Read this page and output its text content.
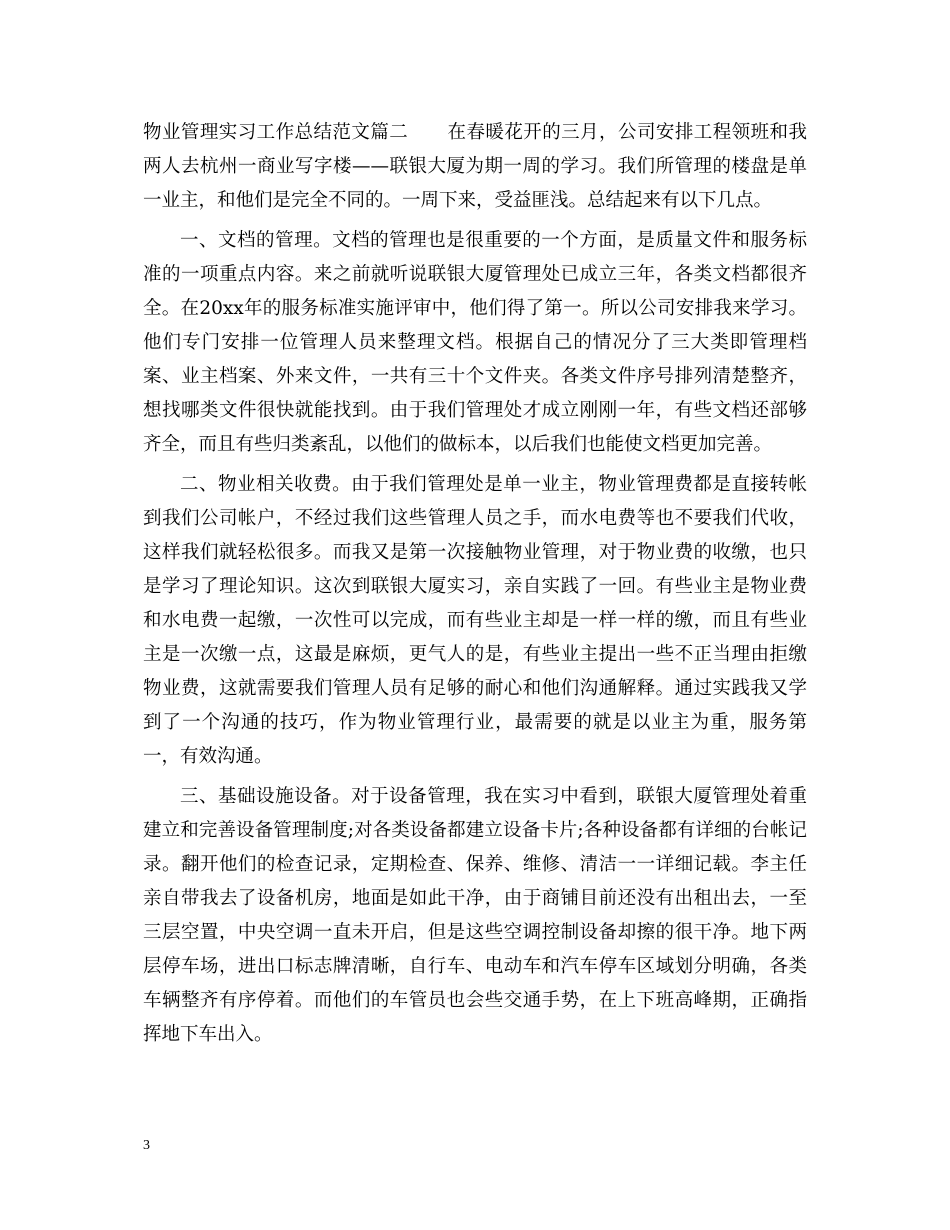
物业管理实习工作总结范文篇二 在春暖花开的三月，公司安排工程领班和我两人去杭州一商业写字楼——联银大厦为期一周的学习。我们所管理的楼盘是单一业主，和他们是完全不同的。一周下来，受益匪浅。总结起来有以下几点。

一、文档的管理。文档的管理也是很重要的一个方面，是质量文件和服务标准的一项重点内容。来之前就听说联银大厦管理处已成立三年，各类文档都很齐全。在20xx年的服务标准实施评审中，他们得了第一。所以公司安排我来学习。他们专门安排一位管理人员来整理文档。根据自己的情况分了三大类即管理档案、业主档案、外来文件，一共有三十个文件夹。各类文件序号排列清楚整齐，想找哪类文件很快就能找到。由于我们管理处才成立刚刚一年，有些文档还部够齐全，而且有些归类紊乱，以他们的做标本，以后我们也能使文档更加完善。

二、物业相关收费。由于我们管理处是单一业主，物业管理费都是直接转帐到我们公司帐户，不经过我们这些管理人员之手，而水电费等也不要我们代收，这样我们就轻松很多。而我又是第一次接触物业管理，对于物业费的收缴，也只是学习了理论知识。这次到联银大厦实习，亲自实践了一回。有些业主是物业费和水电费一起缴，一次性可以完成，而有些业主却是一样一样的缴，而且有些业主是一次缴一点，这最是麻烦，更气人的是，有些业主提出一些不正当理由拒缴物业费，这就需要我们管理人员有足够的耐心和他们沟通解释。通过实践我又学到了一个沟通的技巧，作为物业管理行业，最需要的就是以业主为重，服务第一，有效沟通。

三、基础设施设备。对于设备管理，我在实习中看到，联银大厦管理处着重建立和完善设备管理制度;对各类设备都建立设备卡片;各种设备都有详细的台帐记录。翻开他们的检查记录，定期检查、保养、维修、清洁一一详细记载。李主任亲自带我去了设备机房，地面是如此干净，由于商铺目前还没有出租出去，一至三层空置，中央空调一直未开启，但是这些空调控制设备却擦的很干净。地下两层停车场，进出口标志牌清晰，自行车、电动车和汽车停车区域划分明确，各类车辆整齐有序停着。而他们的车管员也会些交通手势，在上下班高峰期，正确指挥地下车出入。

3
